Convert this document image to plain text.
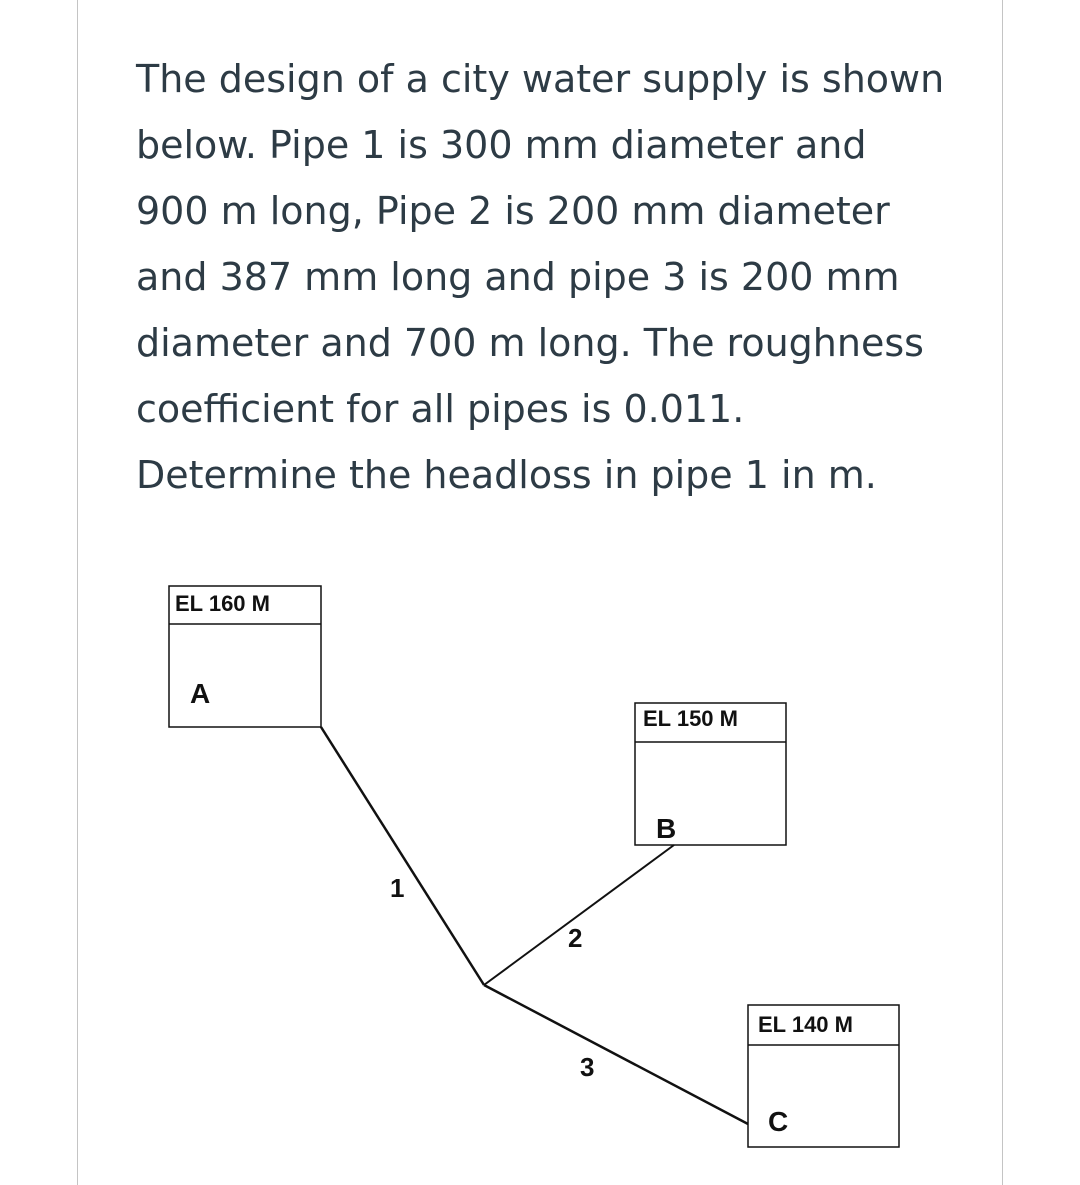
The design of a city water supply is shown
below. Pipe 1 is 300 mm diameter and
900 m long, Pipe 2 is 200 mm diameter
and 387 mm long and pipe 3 is 200 mm
diameter and 700 m long. The roughness
coefficient for all pipes is 0.011.
Determine the headloss in pipe 1 in m.
EL 160 M
A
EL 150 M
B
EL 140 M
C
1
2
3
